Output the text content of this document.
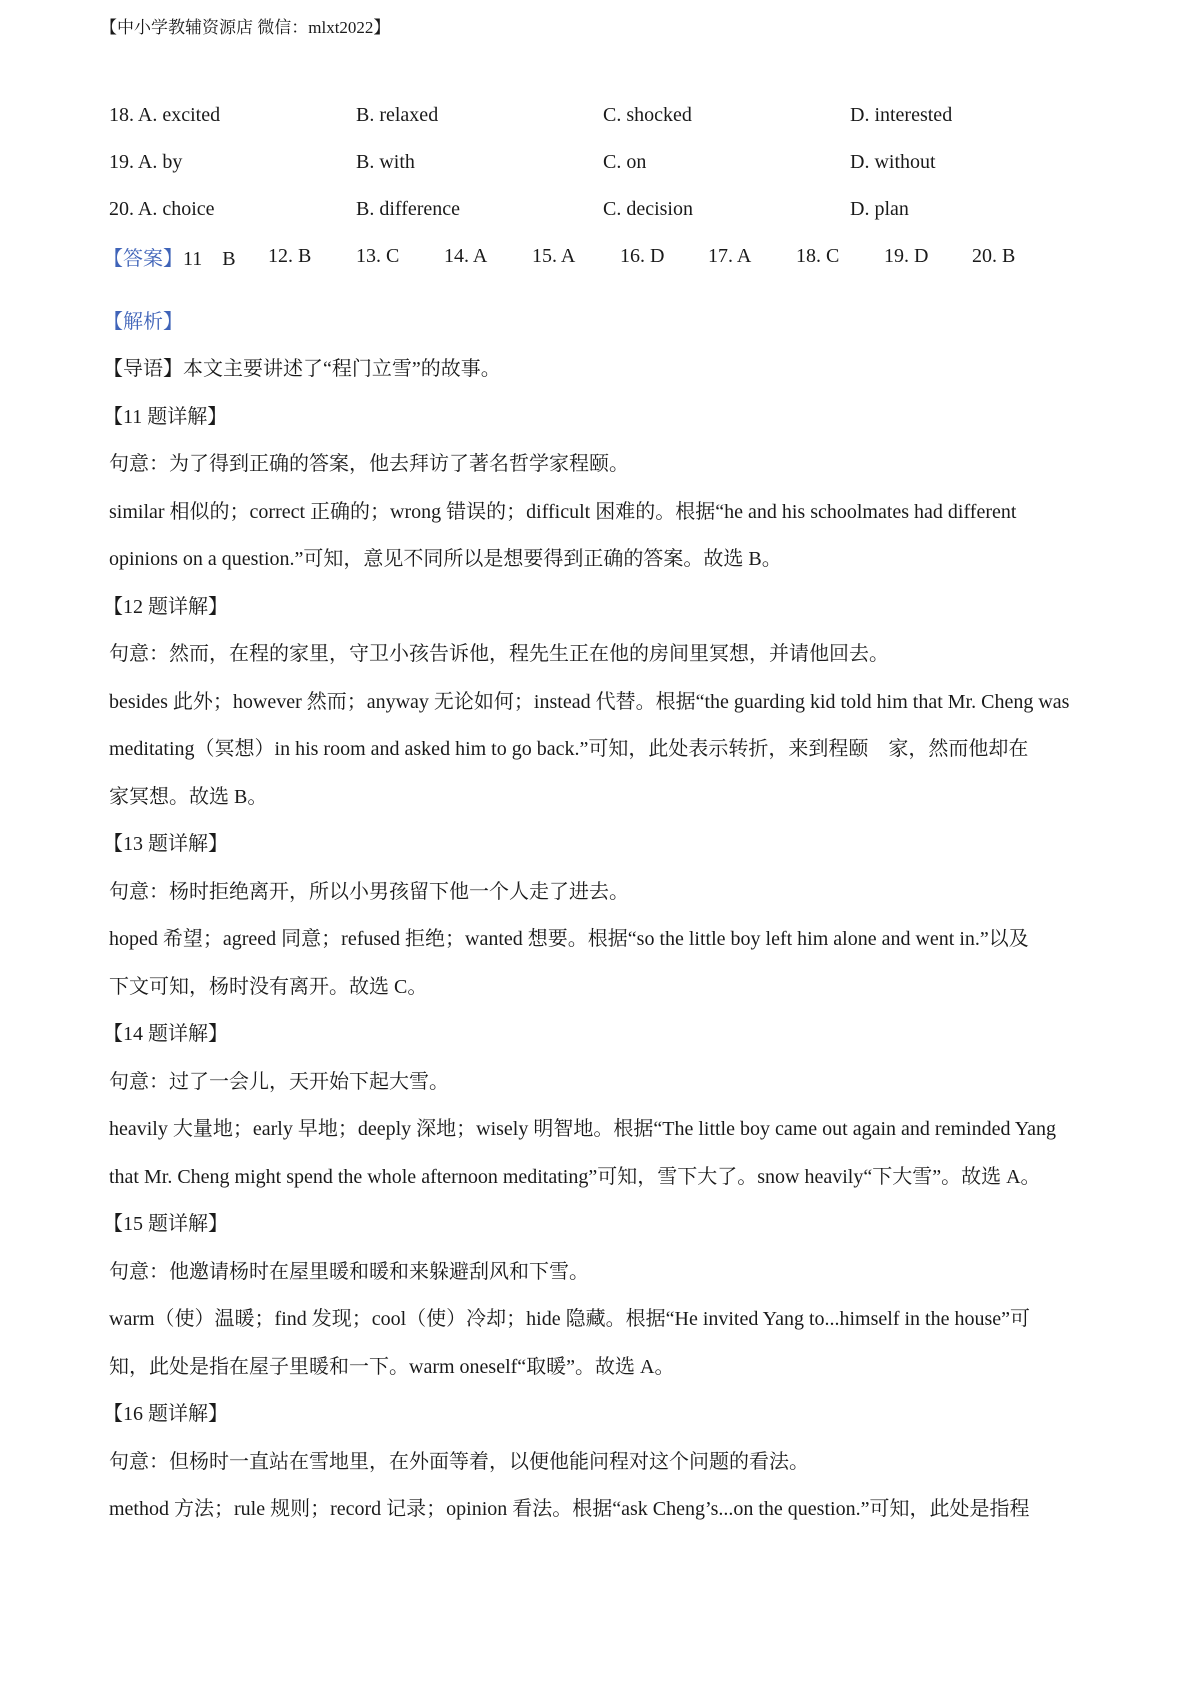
【中小学教辅资源店 微信：mlxt2022】
18. A. excited	B. relaxed	C. shocked	D. interested
19. A. by	B. with	C. on	D. without
20. A. choice	B. difference	C. decision	D. plan
【答案】 11　B	12. B	13. C	14. A	15. A	16. D	17. A	18. C	19. D	20. B
【解析】
【导语】本文主要讲述了“程门立雪”的故事。
【11 题详解】
句意：为了得到正确的答案，他去拜访了著名哲学家程颐。
similar 相似的；correct 正确的；wrong 错误的；difficult 困难的。根据“he and his schoolmates had different
opinions on a question.”可知，意见不同所以是想要得到正确的答案。故选 B。
【12 题详解】
句意：然而，在程的家里，守卫小孩告诉他，程先生正在他的房间里冥想，并请他回去。
besides 此外；however 然而；anyway 无论如何；instead 代替。根据“the guarding kid told him that Mr. Cheng was
meditating（冥想）in his room and asked him to go back.”可知，此处表示转折，来到程颐　家，然而他却在
家冥想。故选 B。
【13 题详解】
句意：杨时拒绝离开，所以小男孩留下他一个人走了进去。
hoped 希望；agreed 同意；refused 拒绝；wanted 想要。根据“so the little boy left him alone and went in.”以及
下文可知，杨时没有离开。故选 C。
【14 题详解】
句意：过了一会儿，天开始下起大雪。
heavily 大量地；early 早地；deeply 深地；wisely 明智地。根据“The little boy came out again and reminded Yang
that Mr. Cheng might spend the whole afternoon meditating”可知，雪下大了。snow heavily“下大雪”。故选 A。
【15 题详解】
句意：他邀请杨时在屋里暖和暖和来躲避刮风和下雪。
warm（使）温暖；find 发现；cool（使）冷却；hide 隐藏。根据“He invited Yang to...himself in the house”可
知，此处是指在屋子里暖和一下。warm oneself“取暖”。故选 A。
【16 题详解】
句意：但杨时一直站在雪地里，在外面等着，以便他能问程对这个问题的看法。
method 方法；rule 规则；record 记录；opinion 看法。根据“ask Cheng’s...on the question.”可知，此处是指程
